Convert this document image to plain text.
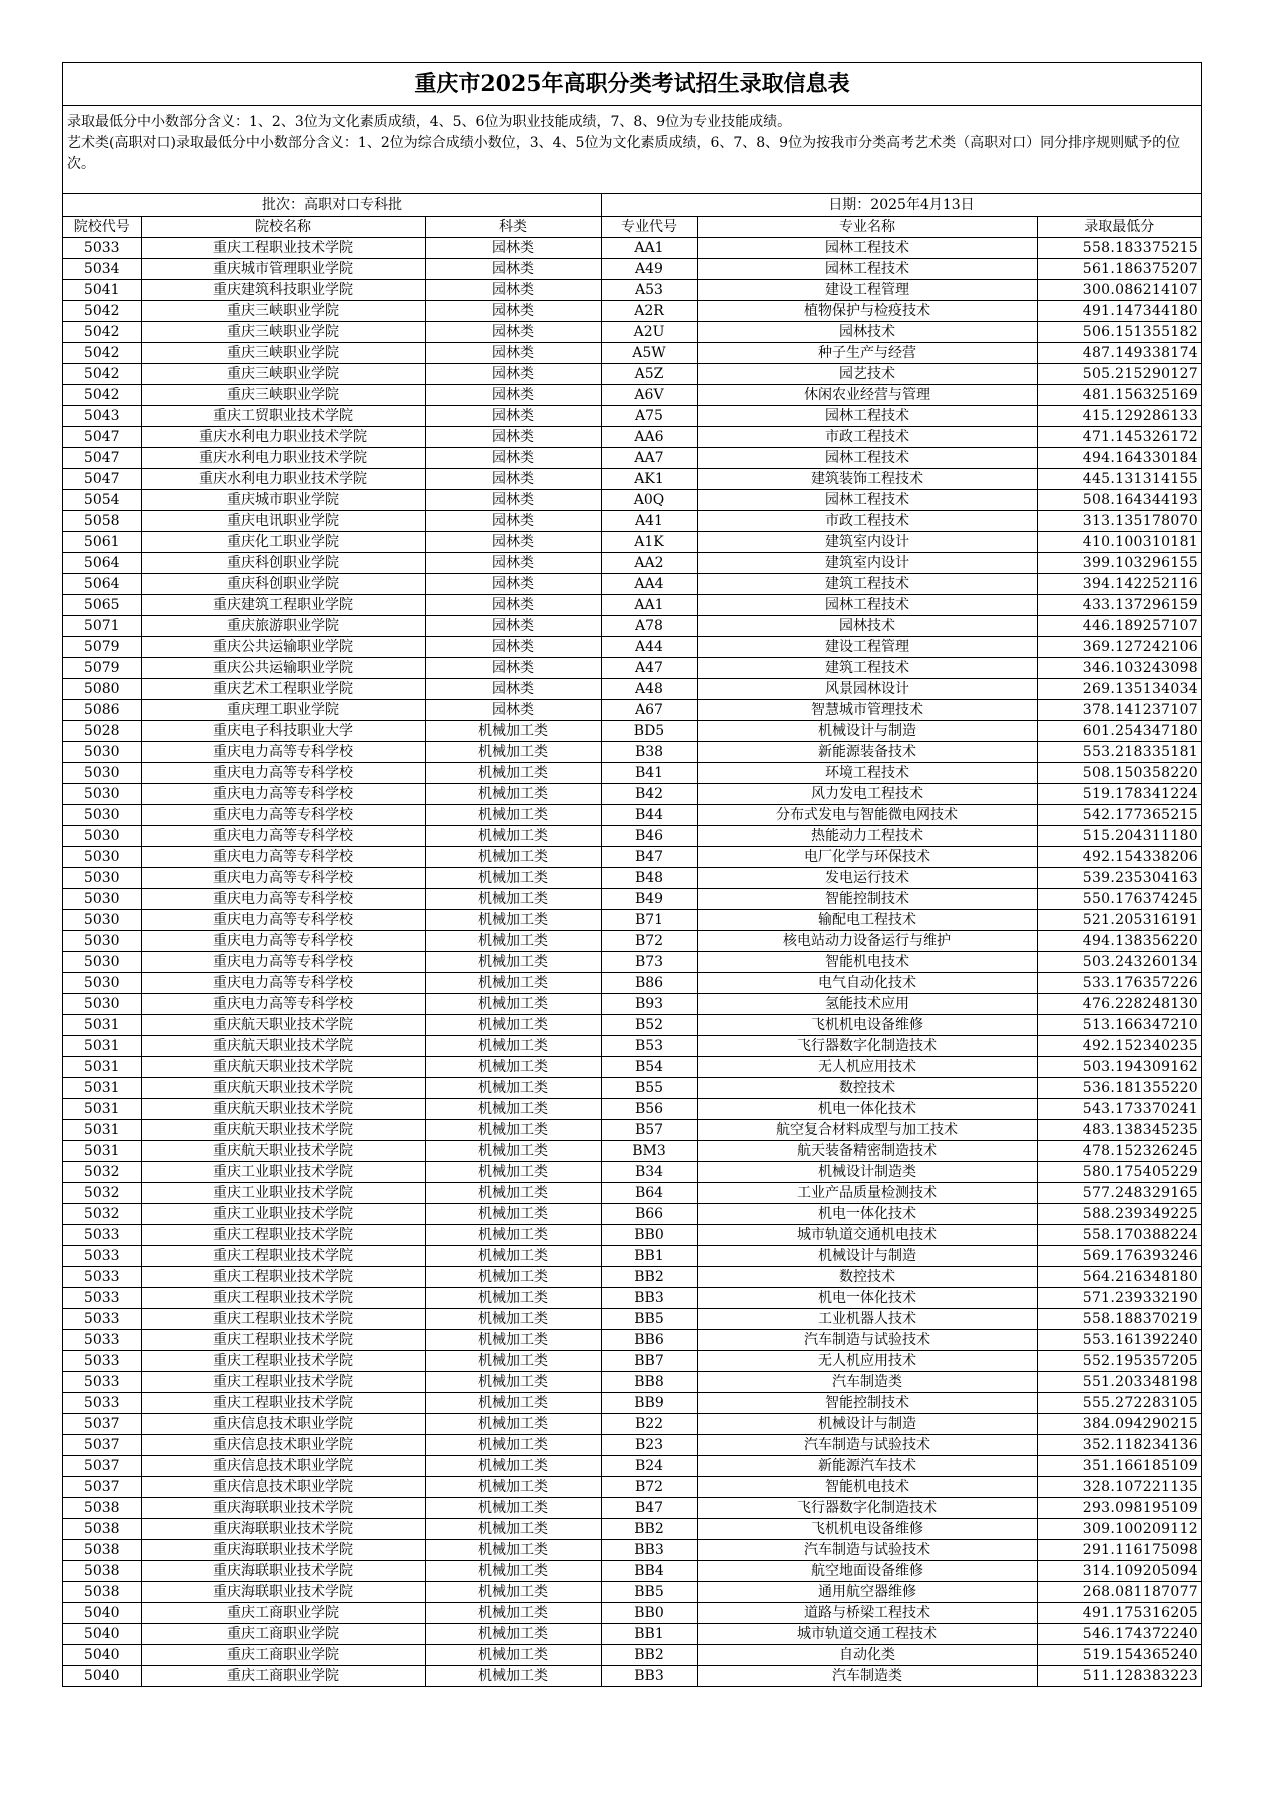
重庆市2025年高职分类考试招生录取信息表

录取最低分中小数部分含义：1、2、3位为文化素质成绩，4、5、6位为职业技能成绩，7、8、9位为专业技能成绩。

艺术类(高职对口)录取最低分中小数部分含义：1、2位为综合成绩小数位，3、4、5位为文化素质成绩，6、7、8、9位为按我市分类高考艺术类（高职对口）同分排序规则赋予的位次。

批次：高职对口专科批	日期：2025年4月13日
院校代号	院校名称	科类	专业代号	专业名称	录取最低分
5033	重庆工程职业技术学院	园林类	AA1	园林工程技术	558.183375215
5034	重庆城市管理职业学院	园林类	A49	园林工程技术	561.186375207
5041	重庆建筑科技职业学院	园林类	A53	建设工程管理	300.086214107
5042	重庆三峡职业学院	园林类	A2R	植物保护与检疫技术	491.147344180
5042	重庆三峡职业学院	园林类	A2U	园林技术	506.151355182
5042	重庆三峡职业学院	园林类	A5W	种子生产与经营	487.149338174
5042	重庆三峡职业学院	园林类	A5Z	园艺技术	505.215290127
5042	重庆三峡职业学院	园林类	A6V	休闲农业经营与管理	481.156325169
5043	重庆工贸职业技术学院	园林类	A75	园林工程技术	415.129286133
5047	重庆水利电力职业技术学院	园林类	AA6	市政工程技术	471.145326172
5047	重庆水利电力职业技术学院	园林类	AA7	园林工程技术	494.164330184
5047	重庆水利电力职业技术学院	园林类	AK1	建筑装饰工程技术	445.131314155
5054	重庆城市职业学院	园林类	A0Q	园林工程技术	508.164344193
5058	重庆电讯职业学院	园林类	A41	市政工程技术	313.135178070
5061	重庆化工职业学院	园林类	A1K	建筑室内设计	410.100310181
5064	重庆科创职业学院	园林类	AA2	建筑室内设计	399.103296155
5064	重庆科创职业学院	园林类	AA4	建筑工程技术	394.142252116
5065	重庆建筑工程职业学院	园林类	AA1	园林工程技术	433.137296159
5071	重庆旅游职业学院	园林类	A78	园林技术	446.189257107
5079	重庆公共运输职业学院	园林类	A44	建设工程管理	369.127242106
5079	重庆公共运输职业学院	园林类	A47	建筑工程技术	346.103243098
5080	重庆艺术工程职业学院	园林类	A48	风景园林设计	269.135134034
5086	重庆理工职业学院	园林类	A67	智慧城市管理技术	378.141237107
5028	重庆电子科技职业大学	机械加工类	BD5	机械设计与制造	601.254347180
5030	重庆电力高等专科学校	机械加工类	B38	新能源装备技术	553.218335181
5030	重庆电力高等专科学校	机械加工类	B41	环境工程技术	508.150358220
5030	重庆电力高等专科学校	机械加工类	B42	风力发电工程技术	519.178341224
5030	重庆电力高等专科学校	机械加工类	B44	分布式发电与智能微电网技术	542.177365215
5030	重庆电力高等专科学校	机械加工类	B46	热能动力工程技术	515.204311180
5030	重庆电力高等专科学校	机械加工类	B47	电厂化学与环保技术	492.154338206
5030	重庆电力高等专科学校	机械加工类	B48	发电运行技术	539.235304163
5030	重庆电力高等专科学校	机械加工类	B49	智能控制技术	550.176374245
5030	重庆电力高等专科学校	机械加工类	B71	输配电工程技术	521.205316191
5030	重庆电力高等专科学校	机械加工类	B72	核电站动力设备运行与维护	494.138356220
5030	重庆电力高等专科学校	机械加工类	B73	智能机电技术	503.243260134
5030	重庆电力高等专科学校	机械加工类	B86	电气自动化技术	533.176357226
5030	重庆电力高等专科学校	机械加工类	B93	氢能技术应用	476.228248130
5031	重庆航天职业技术学院	机械加工类	B52	飞机机电设备维修	513.166347210
5031	重庆航天职业技术学院	机械加工类	B53	飞行器数字化制造技术	492.152340235
5031	重庆航天职业技术学院	机械加工类	B54	无人机应用技术	503.194309162
5031	重庆航天职业技术学院	机械加工类	B55	数控技术	536.181355220
5031	重庆航天职业技术学院	机械加工类	B56	机电一体化技术	543.173370241
5031	重庆航天职业技术学院	机械加工类	B57	航空复合材料成型与加工技术	483.138345235
5031	重庆航天职业技术学院	机械加工类	BM3	航天装备精密制造技术	478.152326245
5032	重庆工业职业技术学院	机械加工类	B34	机械设计制造类	580.175405229
5032	重庆工业职业技术学院	机械加工类	B64	工业产品质量检测技术	577.248329165
5032	重庆工业职业技术学院	机械加工类	B66	机电一体化技术	588.239349225
5033	重庆工程职业技术学院	机械加工类	BB0	城市轨道交通机电技术	558.170388224
5033	重庆工程职业技术学院	机械加工类	BB1	机械设计与制造	569.176393246
5033	重庆工程职业技术学院	机械加工类	BB2	数控技术	564.216348180
5033	重庆工程职业技术学院	机械加工类	BB3	机电一体化技术	571.239332190
5033	重庆工程职业技术学院	机械加工类	BB5	工业机器人技术	558.188370219
5033	重庆工程职业技术学院	机械加工类	BB6	汽车制造与试验技术	553.161392240
5033	重庆工程职业技术学院	机械加工类	BB7	无人机应用技术	552.195357205
5033	重庆工程职业技术学院	机械加工类	BB8	汽车制造类	551.203348198
5033	重庆工程职业技术学院	机械加工类	BB9	智能控制技术	555.272283105
5037	重庆信息技术职业学院	机械加工类	B22	机械设计与制造	384.094290215
5037	重庆信息技术职业学院	机械加工类	B23	汽车制造与试验技术	352.118234136
5037	重庆信息技术职业学院	机械加工类	B24	新能源汽车技术	351.166185109
5037	重庆信息技术职业学院	机械加工类	B72	智能机电技术	328.107221135
5038	重庆海联职业技术学院	机械加工类	B47	飞行器数字化制造技术	293.098195109
5038	重庆海联职业技术学院	机械加工类	BB2	飞机机电设备维修	309.100209112
5038	重庆海联职业技术学院	机械加工类	BB3	汽车制造与试验技术	291.116175098
5038	重庆海联职业技术学院	机械加工类	BB4	航空地面设备维修	314.109205094
5038	重庆海联职业技术学院	机械加工类	BB5	通用航空器维修	268.081187077
5040	重庆工商职业学院	机械加工类	BB0	道路与桥梁工程技术	491.175316205
5040	重庆工商职业学院	机械加工类	BB1	城市轨道交通工程技术	546.174372240
5040	重庆工商职业学院	机械加工类	BB2	自动化类	519.154365240
5040	重庆工商职业学院	机械加工类	BB3	汽车制造类	511.128383223
